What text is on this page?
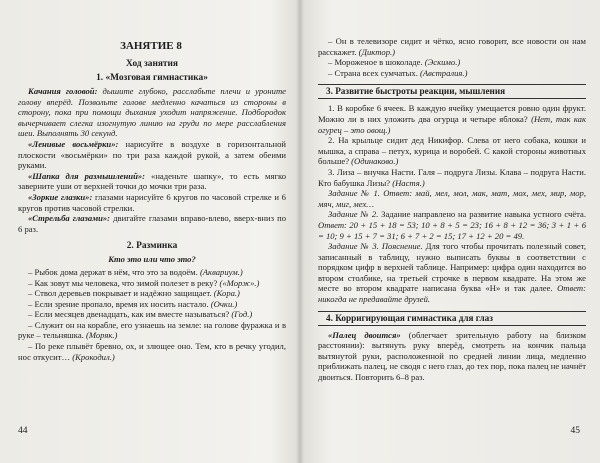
ЗАНЯТИЕ 8
Ход занятия
1. «Мозговая гимнастика»

Качания головой: дышите глубоко, расслабьте плечи и уроните голову вперёд. Позвольте голове медленно качаться из стороны в сторону, пока при помощи дыхания уходит напряжение. Подбородок вычерчивает слегка изогнутую линию на груди по мере расслабления шеи. Выполнять 30 секунд.

«Ленивые восьмёрки»: нарисуйте в воздухе в горизонтальной плоскости «восьмёрки» по три раза каждой рукой, а затем обеими руками.

«Шапка для размышлений»: «наденьте шапку», то есть мягко заверните уши от верхней точки до мочки три раза.

«Зоркие глазки»: глазами нарисуйте 6 кругов по часовой стрелке и 6 кругов против часовой стрелки.

«Стрельба глазами»: двигайте глазами вправо-влево, вверх-вниз по 6 раз.

2. Разминка
Кто это или что это?

– Рыбок дома держат в нём, что это за водоём. (Аквариум.)

– Как зовут мы человека, что зимой полезет в реку? («Морж».)

– Ствол деревьев покрывает и надёжно защищает. (Кора.)

– Если зрение пропало, время их носить настало. (Очки.)

– Если месяцев двенадцать, как им вместе называться? (Год.)

– Служит он на корабле, его узнаешь на земле: на голове фуражка и в руке – тельняшка. (Моряк.)

– По реке плывёт бревно, ох, и злющее оно. Тем, кто в речку угодил, нос откусит… (Крокодил.)

44

– Он в телевизоре сидит и чётко, ясно говорит, все новости он нам расскажет. (Диктор.)

– Мороженое в шоколаде. (Эскимо.)

– Страна всех сумчатых. (Австралия.)

3. Развитие быстроты реакции, мышления

1. В коробке 6 ячеек. В каждую ячейку умещается ровно один фрукт. Можно ли в них уложить два огурца и четыре яблока? (Нет, так как огурец – это овощ.)

2. На крыльце сидит дед Никифор. Слева от него собака, кошки и мышка, а справа – петух, курица и воробей. С какой стороны животных больше? (Одинаково.)

3. Лиза – внучка Насти. Галя – подруга Лизы. Клава – подруга Насти. Кто бабушка Лизы? (Настя.)

Задание № 1. Ответ: май, мел, мол, мак, мат, мох, мех, мир, мор, мяч, миг, мех…

Задание № 2. Задание направлено на развитие навыка устного счёта. Ответ: 20 + 15 + 18 = 53; 10 + 8 + 5 = 23; 16 + 8 + 12 = 36; 3 + 1 + 6 = 10; 9 + 15 + 7 = 31; 6 + 7 + 2 = 15; 17 + 12 + 20 = 49.

Задание № 3. Пояснение. Для того чтобы прочитать полезный совет, записанный в таблицу, нужно выписать буквы в соответствии с порядком цифр в верхней таблице. Например: цифра один находится во втором столбике, на третьей строчке в первом квадрате. На этом же месте во втором квадрате написана буква «Н» и так далее. Ответ: никогда не предавайте друзей.

4. Корригирующая гимнастика для глаз

«Палец двоится» (облегчает зрительную работу на близком расстоянии): вытянуть руку вперёд, смотреть на кончик пальца вытянутой руки, расположенной по средней линии лица, медленно приближать палец, не сводя с него глаз, до тех пор, пока палец не начнёт двоиться. Повторить 6–8 раз.

45
